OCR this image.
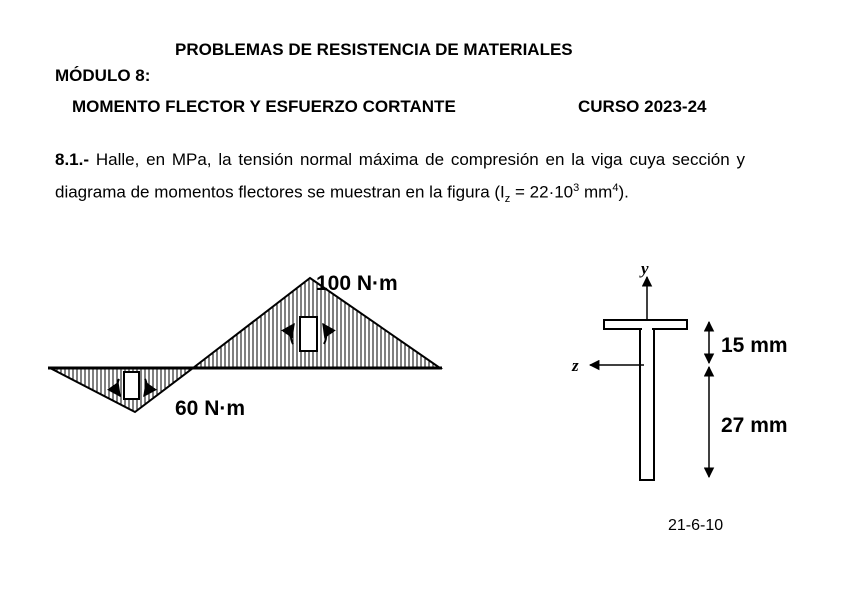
PROBLEMAS DE RESISTENCIA DE MATERIALES
MÓDULO 8:
MOMENTO FLECTOR Y ESFUERZO CORTANTE	CURSO 2023-24
8.1.- Halle, en MPa, la tensión normal máxima de compresión en la viga cuya sección y diagrama de momentos flectores se muestran en la figura ($I_z = 22\cdot 10^3$ $mm^4$).
100 N·m
60 N·m
y
z
15 mm
27 mm
21-6-10
